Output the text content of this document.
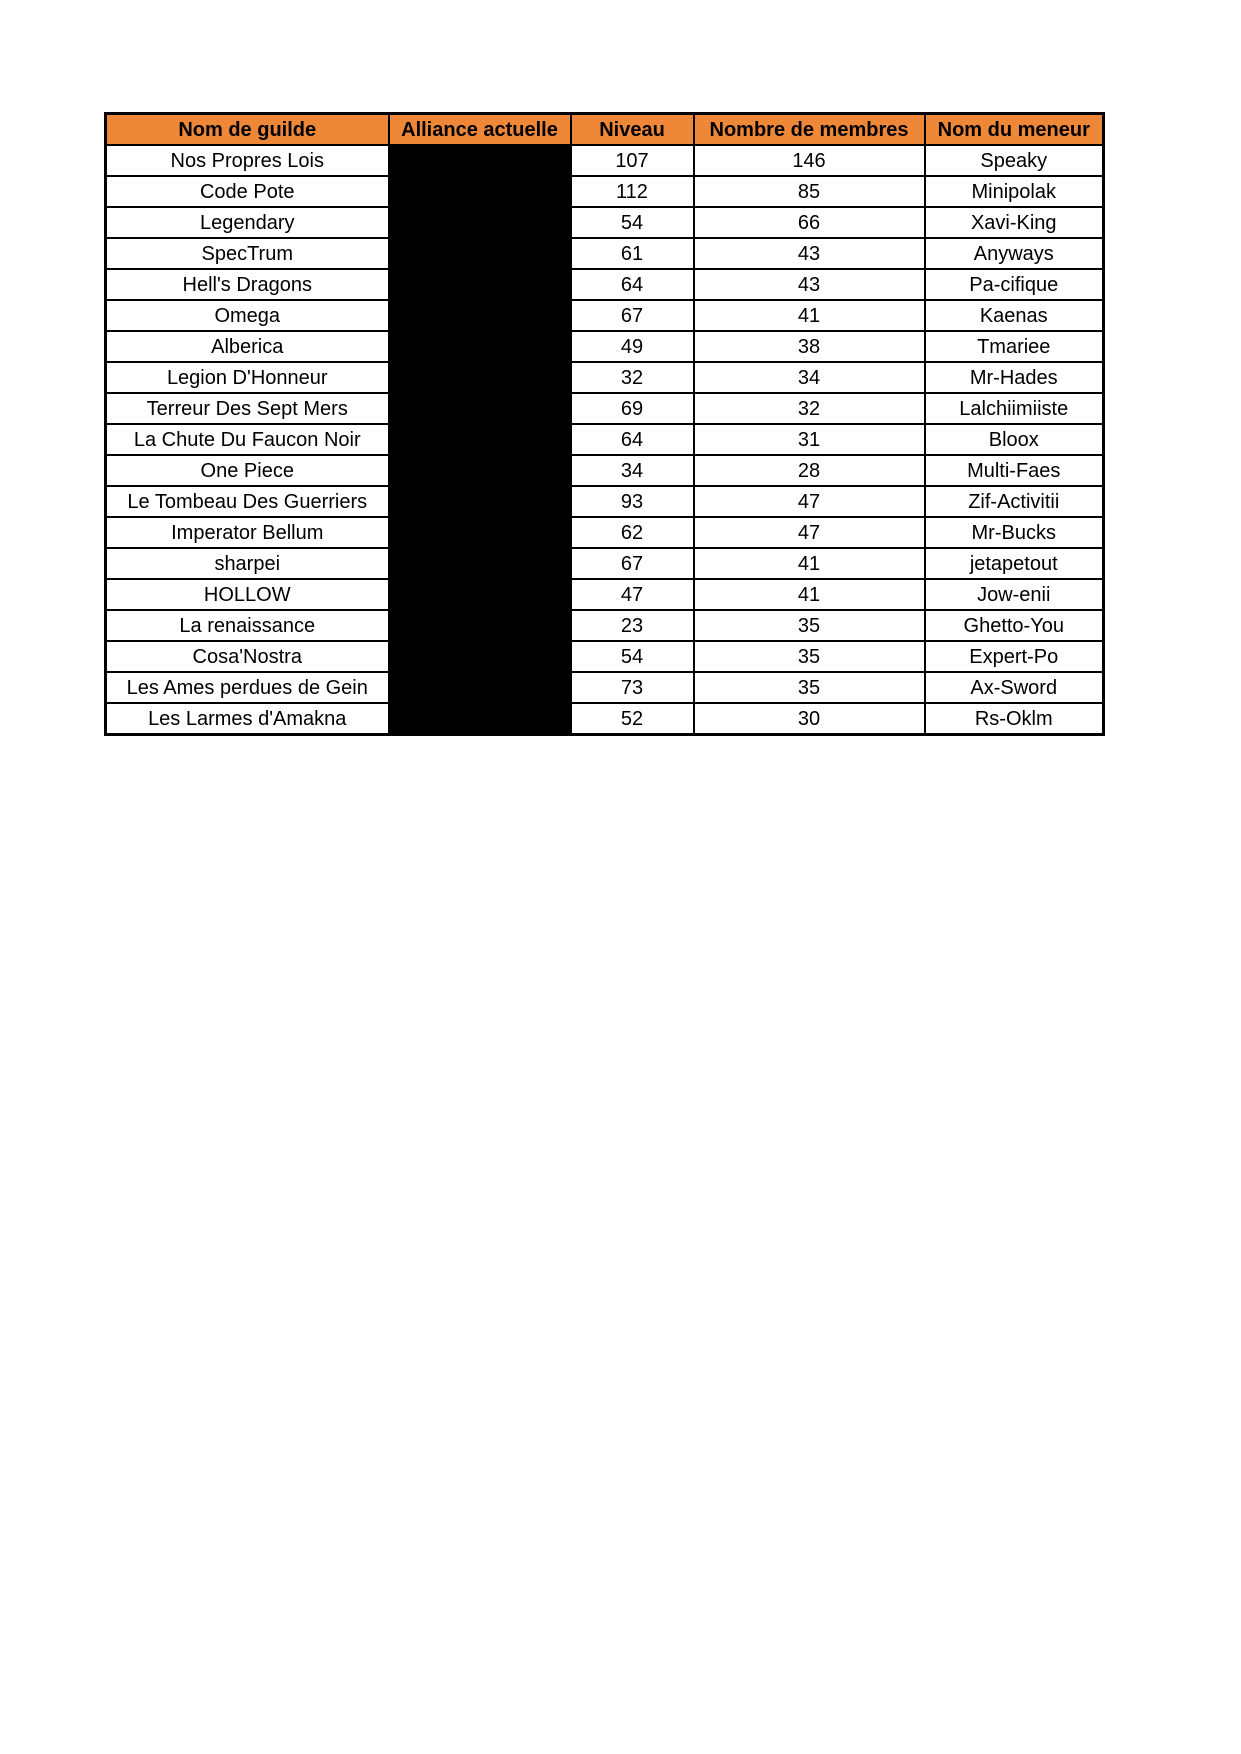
Nom de guilde	Alliance actuelle	Niveau	Nombre de membres	Nom du meneur
Nos Propres Lois		107	146	Speaky
Code Pote		112	85	Minipolak
Legendary		54	66	Xavi-King
SpecTrum		61	43	Anyways
Hell's Dragons		64	43	Pa-cifique
Omega		67	41	Kaenas
Alberica		49	38	Tmariee
Legion D'Honneur		32	34	Mr-Hades
Terreur Des Sept Mers		69	32	Lalchiimiiste
La Chute Du Faucon Noir		64	31	Bloox
One Piece		34	28	Multi-Faes
Le Tombeau Des Guerriers		93	47	Zif-Activitii
Imperator Bellum		62	47	Mr-Bucks
sharpei		67	41	jetapetout
HOLLOW		47	41	Jow-enii
La renaissance		23	35	Ghetto-You
Cosa'Nostra		54	35	Expert-Po
Les Ames perdues de Gein		73	35	Ax-Sword
Les Larmes d'Amakna		52	30	Rs-Oklm
